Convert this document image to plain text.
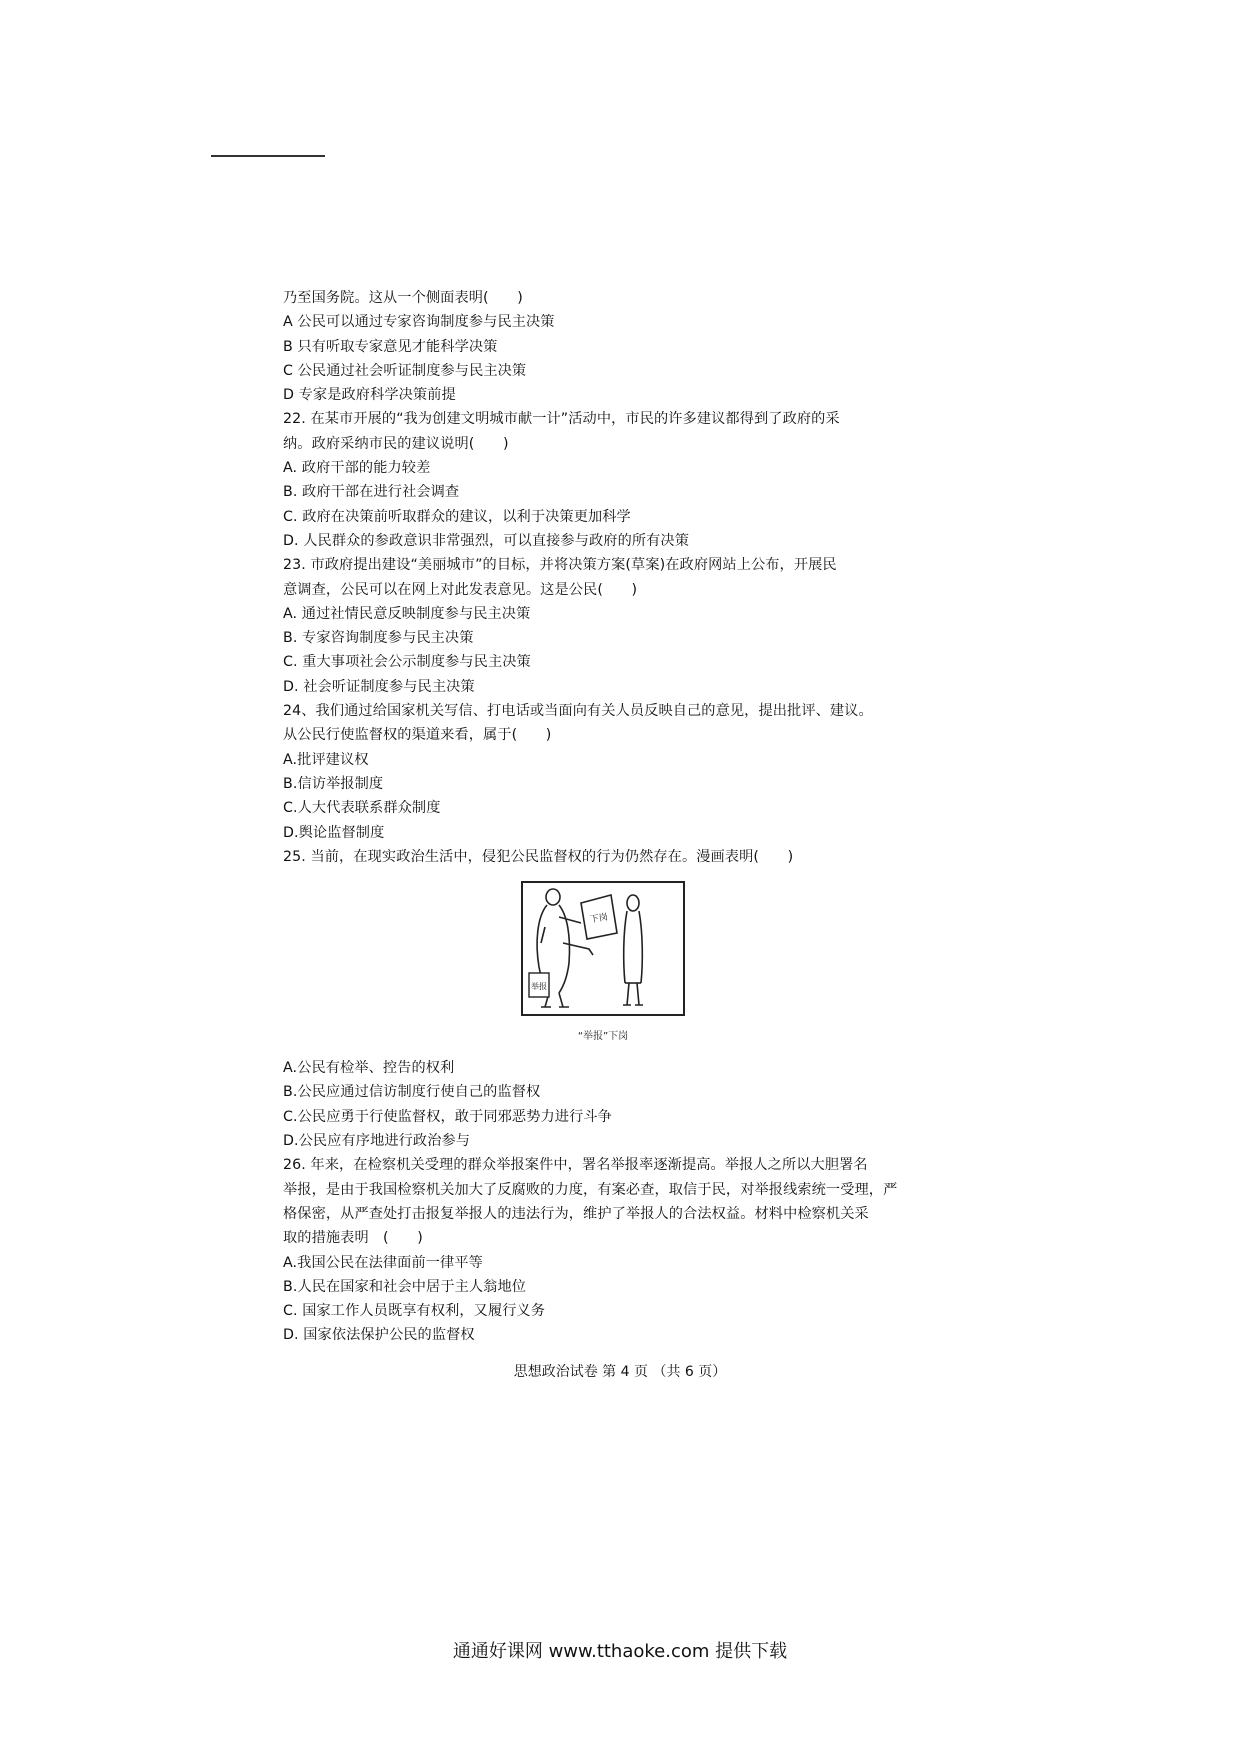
乃至国务院。这从一个侧面表明(　　)
A 公民可以通过专家咨询制度参与民主决策
B 只有听取专家意见才能科学决策
C 公民通过社会听证制度参与民主决策
D 专家是政府科学决策前提
22. 在某市开展的“我为创建文明城市献一计”活动中，市民的许多建议都得到了政府的采
纳。政府采纳市民的建议说明(　　)
A. 政府干部的能力较差
B. 政府干部在进行社会调查
C. 政府在决策前听取群众的建议，以利于决策更加科学
D. 人民群众的参政意识非常强烈，可以直接参与政府的所有决策
23. 市政府提出建设“美丽城市”的目标，并将决策方案(草案)在政府网站上公布，开展民
意调查，公民可以在网上对此发表意见。这是公民(　　)
A. 通过社情民意反映制度参与民主决策
B. 专家咨询制度参与民主决策
C. 重大事项社会公示制度参与民主决策
D. 社会听证制度参与民主决策
24、我们通过给国家机关写信、打电话或当面向有关人员反映自己的意见，提出批评、建议。
从公民行使监督权的渠道来看，属于(　　)
A.批评建议权
B.信访举报制度
C.人大代表联系群众制度
D.舆论监督制度
25. 当前，在现实政治生活中，侵犯公民监督权的行为仍然存在。漫画表明(　　)
举报
下岗
“举报”下岗
A.公民有检举、控告的权利
B.公民应通过信访制度行使自己的监督权
C.公民应勇于行使监督权，敢于同邪恶势力进行斗争
D.公民应有序地进行政治参与
26. 年来，在检察机关受理的群众举报案件中，署名举报率逐渐提高。举报人之所以大胆署名
举报，是由于我国检察机关加大了反腐败的力度，有案必查，取信于民，对举报线索统一受理，严
格保密，从严查处打击报复举报人的违法行为，维护了举报人的合法权益。材料中检察机关采
取的措施表明　(　　)
A.我国公民在法律面前一律平等
B.人民在国家和社会中居于主人翁地位
C. 国家工作人员既享有权利，又履行义务
D. 国家依法保护公民的监督权
思想政治试卷 第 4 页 （共 6 页）
通通好课网 www.tthaoke.com 提供下载
